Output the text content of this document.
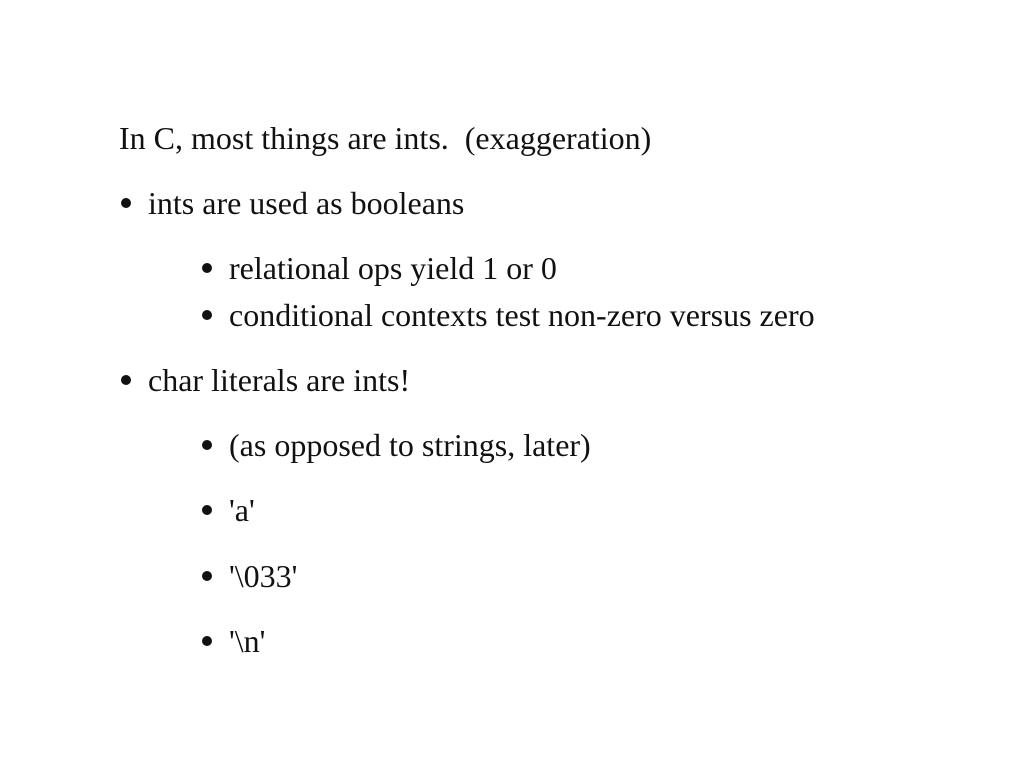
In C, most things are ints.  (exaggeration)
ints are used as booleans
relational ops yield 1 or 0
conditional contexts test non-zero versus zero
char literals are ints!
(as opposed to strings, later)
'a'
'\033'
'\n'
